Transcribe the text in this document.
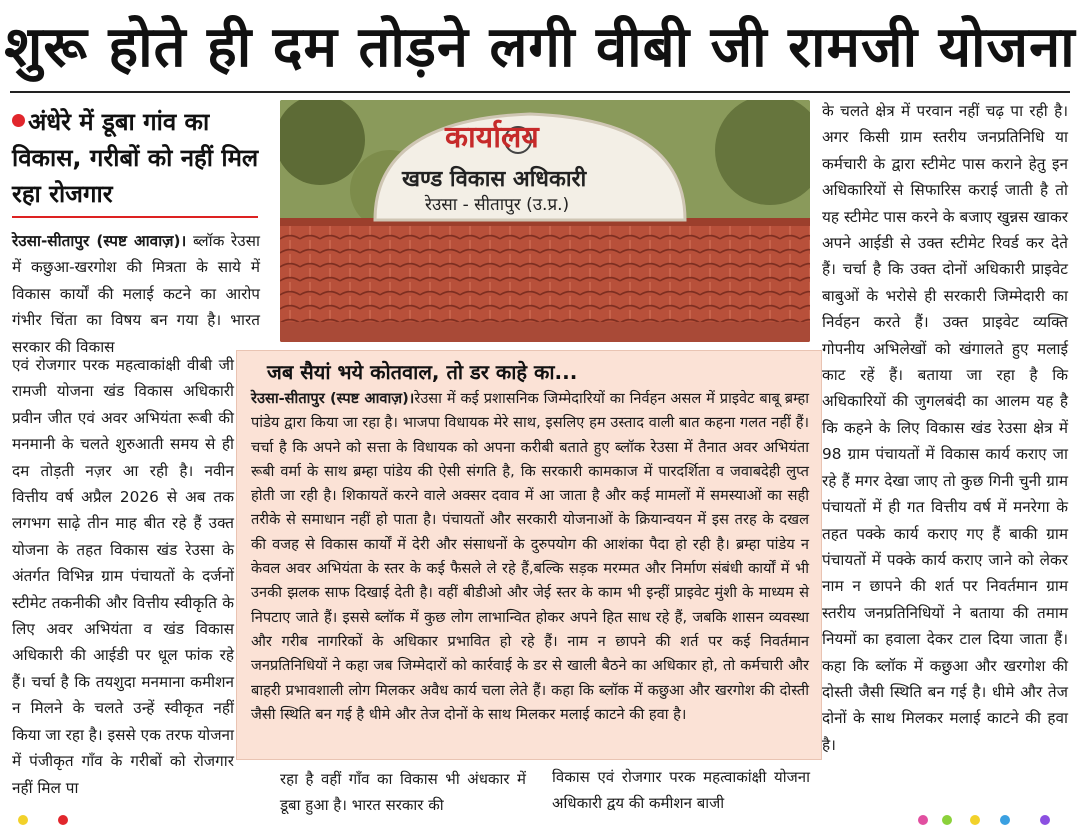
शुरू होते ही दम तोड़ने लगी वीबी जी रामजी योजना
अंधेरे में डूबा गांव का विकास, गरीबों को नहीं मिल रहा रोजगार

रेउसा-सीतापुर (स्पष्ट आवाज़)। ब्लॉक रेउसा में कछुआ-खरगोश की मित्रता के साये में विकास कार्यों की मलाई कटने का आरोप गंभीर चिंता का विषय बन गया है। भारत सरकार की विकास

एवं रोजगार परक महत्वाकांक्षी वीबी जी रामजी योजना खंड विकास अधिकारी प्रवीन जीत एवं अवर अभियंता रूबी की मनमानी के चलते शुरुआती समय से ही दम तोड़ती नज़र आ रही है। नवीन वित्तीय वर्ष अप्रैल 2026 से अब तक लगभग साढ़े तीन माह बीत रहे हैं उक्त योजना के तहत विकास खंड रेउसा के अंतर्गत विभिन्न ग्राम पंचायतों के दर्जनों स्टीमेट तकनीकी और वित्तीय स्वीकृति के लिए अवर अभियंता व खंड विकास अधिकारी की आईडी पर धूल फांक रहे हैं। चर्चा है कि तयशुदा मनमाना कमीशन न मिलने के चलते उन्हें स्वीकृत नहीं किया जा रहा है। इससे एक तरफ योजना में पंजीकृत गाँव के गरीबों को रोजगार नहीं मिल पा

कार्यालय
खण्ड विकास अधिकारी
रेउसा - सीतापुर (उ.प्र.)
जब सैयां भये कोतवाल, तो डर काहे का...

रेउसा-सीतापुर (स्पष्ट आवाज़)।रेउसा में कई प्रशासनिक जिम्मेदारियों का निर्वहन असल में प्राइवेट बाबू ब्रम्हा पांडेय द्वारा किया जा रहा है। भाजपा विधायक मेरे साथ, इसलिए हम उस्ताद वाली बात कहना गलत नहीं हैं। चर्चा है कि अपने को सत्ता के विधायक को अपना करीबी बताते हुए ब्लॉक रेउसा में तैनात अवर अभियंता रूबी वर्मा के साथ ब्रम्हा पांडेय की ऐसी संगति है, कि सरकारी कामकाज में पारदर्शिता व जवाबदेही लुप्त होती जा रही है। शिकायतें करने वाले अक्सर दवाव में आ जाता है और कई मामलों में समस्याओं का सही तरीके से समाधान नहीं हो पाता है। पंचायतों और सरकारी योजनाओं के क्रियान्वयन में इस तरह के दखल की वजह से विकास कार्यों में देरी और संसाधनों के दुरुपयोग की आशंका पैदा हो रही है। ब्रम्हा पांडेय न केवल अवर अभियंता के स्तर के कई फैसले ले रहे हैं,बल्कि सड़क मरम्मत और निर्माण संबंधी कार्यों में भी उनकी झलक साफ दिखाई देती है। वहीं बीडीओ और जेई स्तर के काम भी इन्हीं प्राइवेट मुंशी के माध्यम से निपटाए जाते हैं। इससे ब्लॉक में कुछ लोग लाभान्वित होकर अपने हित साध रहे हैं, जबकि शासन व्यवस्था और गरीब नागरिकों के अधिकार प्रभावित हो रहे हैं। नाम न छापने की शर्त पर कई निवर्तमान जनप्रतिनिधियों ने कहा जब जिम्मेदारों को कार्रवाई के डर से खाली बैठने का अधिकार हो, तो कर्मचारी और बाहरी प्रभावशाली लोग मिलकर अवैध कार्य चला लेते हैं। कहा कि ब्लॉक में कछुआ और खरगोश की दोस्ती जैसी स्थिति बन गई है धीमे और तेज दोनों के साथ मिलकर मलाई काटने की हवा है।

के चलते क्षेत्र में परवान नहीं चढ़ पा रही है।अगर किसी ग्राम स्तरीय जनप्रतिनिधि या कर्मचारी के द्वारा स्टीमेट पास कराने हेतु इन अधिकारियों से सिफारिस कराई जाती है तो यह स्टीमेट पास करने के बजाए खुन्नस खाकर अपने आईडी से उक्त स्टीमेट रिवर्ड कर देते हैं। चर्चा है कि उक्त दोनों अधिकारी प्राइवेट बाबुओं के भरोसे ही सरकारी जिम्मेदारी का निर्वहन करते हैं। उक्त प्राइवेट व्यक्ति गोपनीय अभिलेखों को खंगालते हुए मलाई काट रहें हैं। बताया जा रहा है कि अधिकारियों की जुगलबंदी का आलम यह है कि कहने के लिए विकास खंड रेउसा क्षेत्र में 98 ग्राम पंचायतों में विकास कार्य कराए जा रहे हैं मगर देखा जाए तो कुछ गिनी चुनी ग्राम पंचायतों में ही गत वित्तीय वर्ष में मनरेगा के तहत पक्के कार्य कराए गए हैं बाकी ग्राम पंचायतों में पक्के कार्य कराए जाने को लेकर नाम न छापने की शर्त पर निवर्तमान ग्राम स्तरीय जनप्रतिनिधियों ने बताया की तमाम नियमों का हवाला देकर टाल दिया जाता हैं। कहा कि ब्लॉक में कछुआ और खरगोश की दोस्ती जैसी स्थिति बन गई है। धीमे और तेज दोनों के साथ मिलकर मलाई काटने की हवा है।

रहा है वहीं गाँव का विकास भी अंधकार में डूबा हुआ है। भारत सरकार की

विकास एवं रोजगार परक महत्वाकांक्षी योजना अधिकारी द्वय की कमीशन बाजी
